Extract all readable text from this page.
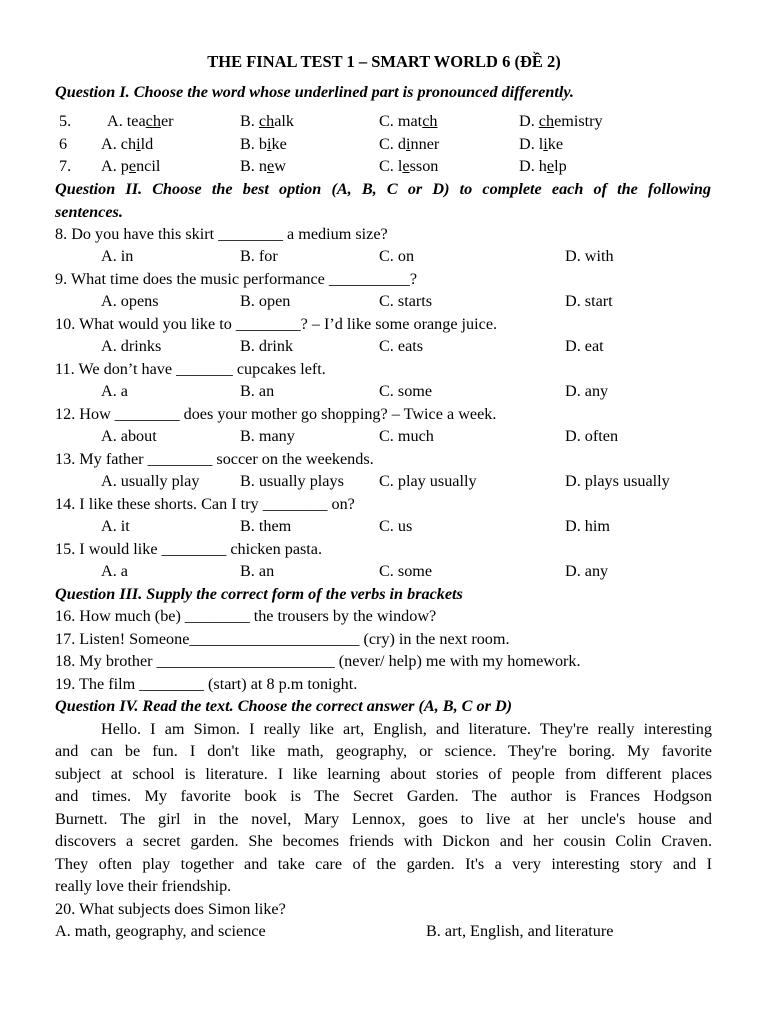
THE FINAL TEST 1 – SMART WORLD 6 (ĐỀ 2)
Question I. Choose the word whose underlined part is pronounced differently.
5. A. teacher	B. chalk	C. match	D. chemistry
6 A. child	B. bike	C. dinner	D. like
7. A. pencil	B. new	C. lesson	D. help
Question II. Choose the best option (A, B, C or D) to complete each of the following
sentences.
8. Do you have this skirt ________ a medium size?
A. in	B. for	C. on	D. with
9. What time does the music performance __________?
A. opens	B. open	C. starts	D. start
10. What would you like to ________? – I’d like some orange juice.
A. drinks	B. drink	C. eats	D. eat
11. We don’t have _______ cupcakes left.
A. a	B. an	C. some	D. any
12. How ________ does your mother go shopping? – Twice a week.
A. about	B. many	C. much	D. often
13. My father ________ soccer on the weekends.
A. usually play	B. usually plays C. play usually	D. plays usually
14. I like these shorts. Can I try ________ on?
A. it	B. them	C. us	D. him
15. I would like ________ chicken pasta.
A. a	B. an	C. some	D. any
Question III. Supply the correct form of the verbs in brackets
16. How much (be) ________ the trousers by the window?
17. Listen! Someone_____________________ (cry) in the next room.
18. My brother ______________________ (never/ help) me with my homework.
19. The film ________ (start) at 8 p.m tonight.
Question IV. Read the text. Choose the correct answer (A, B, C or D)
Hello. I am Simon. I really like art, English, and literature. They're really interesting
and can be fun. I don't like math, geography, or science. They're boring. My favorite
subject at school is literature. I like learning about stories of people from different places
and times. My favorite book is The Secret Garden. The author is Frances Hodgson
Burnett. The girl in the novel, Mary Lennox, goes to live at her uncle's house and
discovers a secret garden. She becomes friends with Dickon and her cousin Colin Craven.
They often play together and take care of the garden. It's a very interesting story and I
really love their friendship.
20. What subjects does Simon like?
A. math, geography, and science	B. art, English, and literature
